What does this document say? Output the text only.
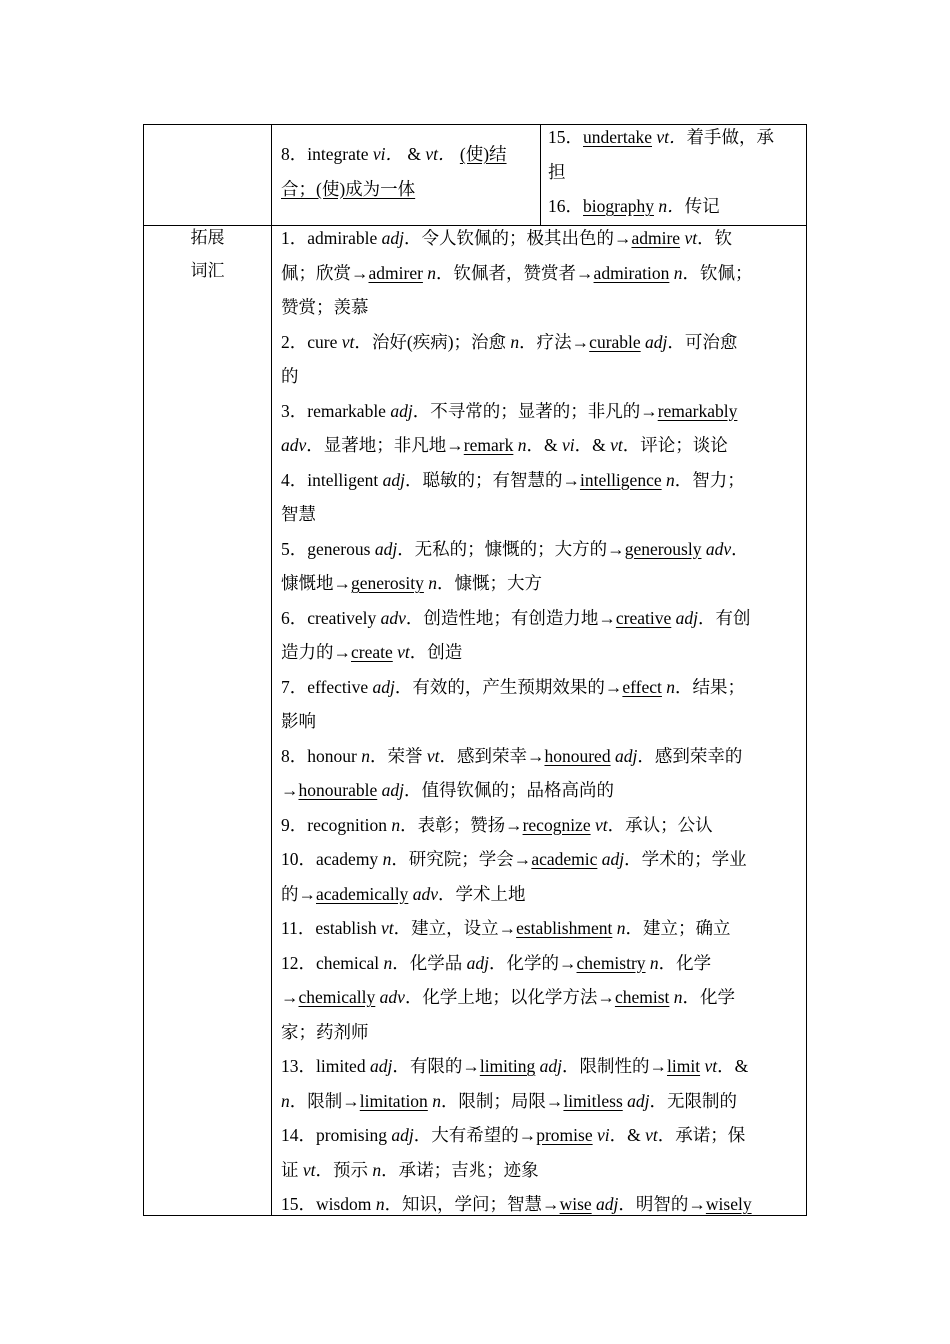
8．integrate vi． & vt． (使)结
合；(使)成为一体
15．undertake vt．着手做，承
担
16．biography n．传记
拓展
词汇
1．admirable adj．令人钦佩的；极其出色的→admire vt．钦
佩；欣赏→admirer n．钦佩者，赞赏者→admiration n．钦佩；
赞赏；羡慕
2．cure vt．治好(疾病)；治愈 n．疗法→curable adj．可治愈
的
3．remarkable adj．不寻常的；显著的；非凡的→remarkably
adv．显著地；非凡地→remark n．& vi．& vt．评论；谈论
4．intelligent adj．聪敏的；有智慧的→intelligence n．智力；
智慧
5．generous adj．无私的；慷慨的；大方的→generously adv．
慷慨地→generosity n．慷慨；大方
6．creatively adv．创造性地；有创造力地→creative adj．有创
造力的→create vt．创造
7．effective adj．有效的，产生预期效果的→effect n．结果；
影响
8．honour n．荣誉 vt．感到荣幸→honoured adj．感到荣幸的
→honourable adj．值得钦佩的；品格高尚的
9．recognition n．表彰；赞扬→recognize vt．承认；公认
10．academy n．研究院；学会→academic adj．学术的；学业
的→academically adv．学术上地
11．establish vt．建立，设立→establishment n．建立；确立
12．chemical n．化学品 adj．化学的→chemistry n．化学
→chemically adv．化学上地；以化学方法→chemist n．化学
家；药剂师
13．limited adj．有限的→limiting adj．限制性的→limit vt．&
n．限制→limitation n．限制；局限→limitless adj．无限制的
14．promising adj．大有希望的→promise vi．& vt．承诺；保
证 vt．预示 n．承诺；吉兆；迹象
15．wisdom n．知识，学问；智慧→wise adj．明智的→wisely
